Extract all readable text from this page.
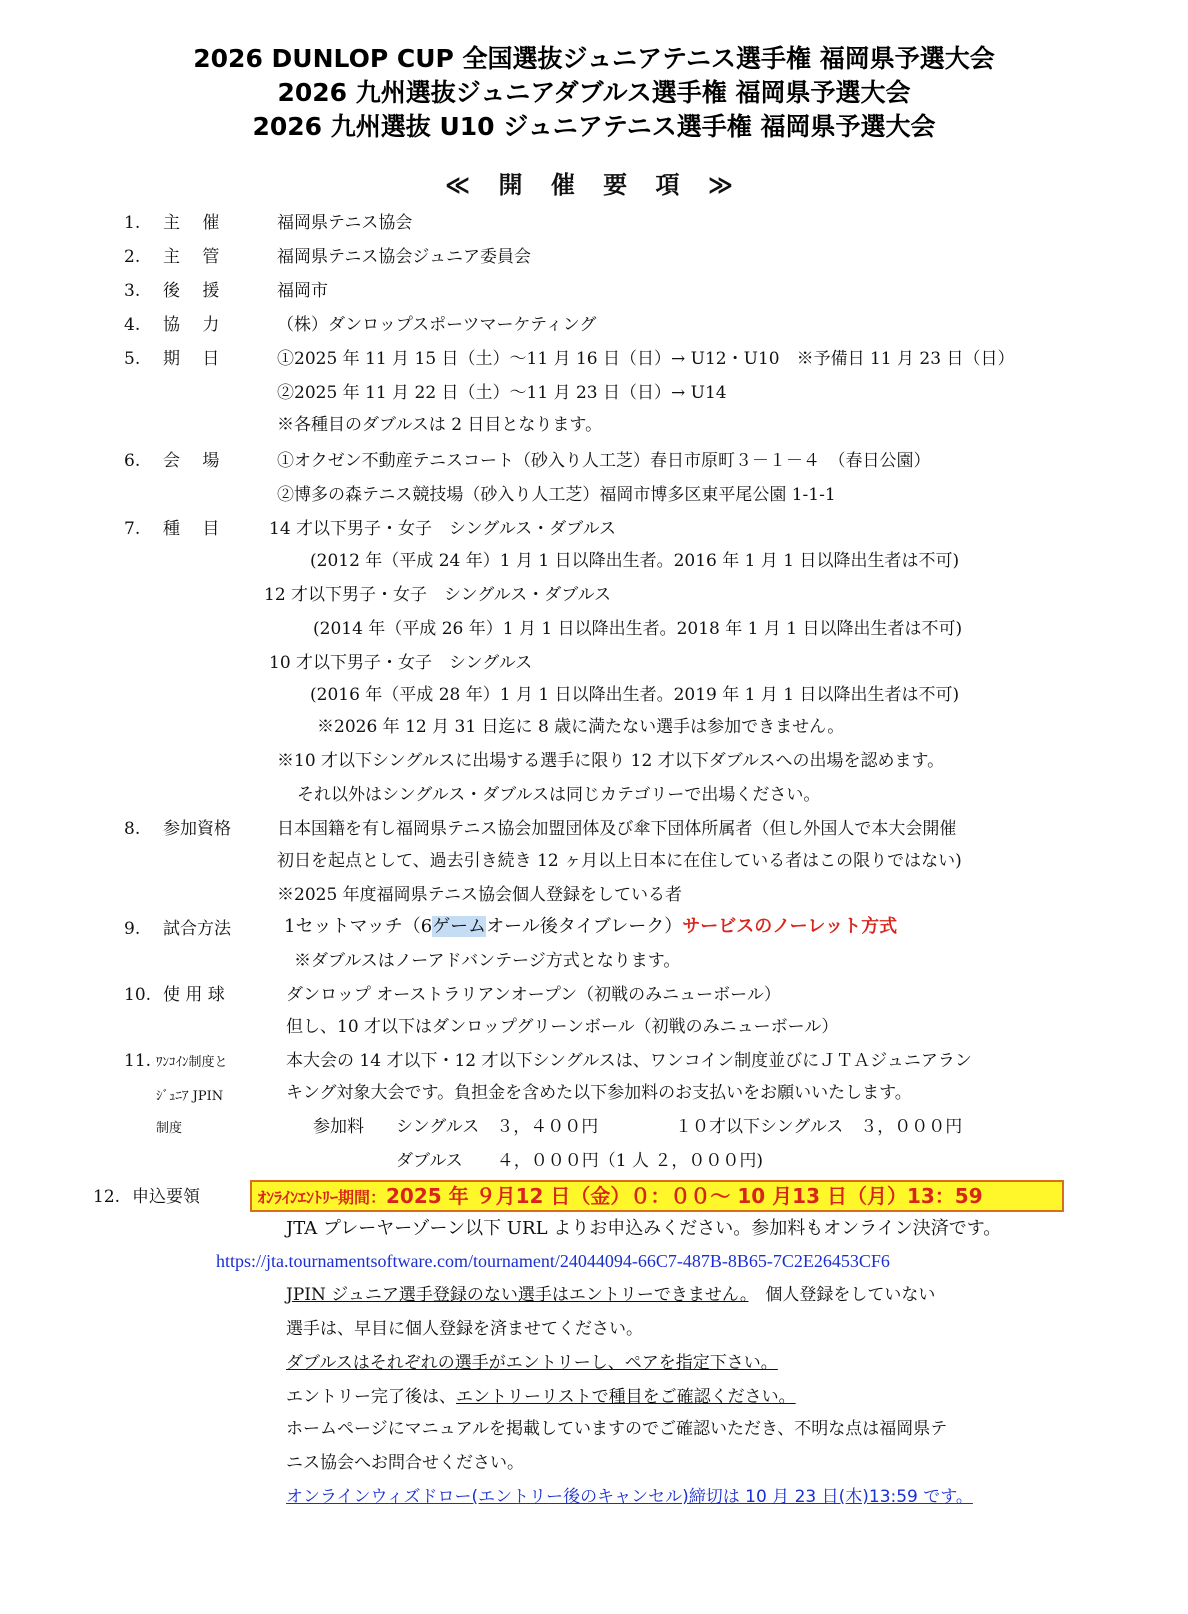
2026 DUNLOP CUP 全国選抜ジュニアテニス選手権 福岡県予選大会
2026 九州選抜ジュニアダブルス選手権 福岡県予選大会
2026 九州選抜 U10 ジュニアテニス選手権 福岡県予選大会
≪ 開 催 要 項 ≫
1. 主　 催	福岡県テニス協会
2. 主　 管	福岡県テニス協会ジュニア委員会
3. 後　 援	福岡市
4. 協　 力	（株）ダンロップスポーツマーケティング
5. 期　 日	①2025 年 11 月 15 日（土）～11 月 16 日（日）→ U12・U10　※予備日 11 月 23 日（日）
②2025 年 11 月 22 日（土）～11 月 23 日（日）→ U14
※各種目のダブルスは 2 日目となります。
6. 会　 場	①オクゼン不動産テニスコート（砂入り人工芝）春日市原町３－１－４　（春日公園）
②博多の森テニス競技場（砂入り人工芝）福岡市博多区東平尾公園 1-1-1
7. 種　 目	14 才以下男子・女子　シングルス・ダブルス
(2012 年（平成 24 年）1 月 1 日以降出生者。2016 年 1 月 1 日以降出生者は不可)
12 才以下男子・女子　シングルス・ダブルス
(2014 年（平成 26 年）1 月 1 日以降出生者。2018 年 1 月 1 日以降出生者は不可)
10 才以下男子・女子　シングルス
(2016 年（平成 28 年）1 月 1 日以降出生者。2019 年 1 月 1 日以降出生者は不可)
※2026 年 12 月 31 日迄に 8 歳に満たない選手は参加できません。
※10 才以下シングルスに出場する選手に限り 12 才以下ダブルスへの出場を認めます。
それ以外はシングルス・ダブルスは同じカテゴリーで出場ください。
8. 参加資格	日本国籍を有し福岡県テニス協会加盟団体及び傘下団体所属者（但し外国人で本大会開催
初日を起点として、過去引き続き 12 ヶ月以上日本に在住している者はこの限りではない)
※2025 年度福岡県テニス協会個人登録をしている者
9. 試合方法	1セットマッチ（6ゲームオール後タイブレーク）サービスのノーレット方式
※ダブルスはノーアドバンテージ方式となります。
10. 使 用 球	ダンロップ オーストラリアンオープン（初戦のみニューボール）
但し、10 才以下はダンロップグリーンボール（初戦のみニューボール）
11. ﾜﾝｺｲﾝ制度と
ｼﾞｭﾆｱ JPIN
制度
本大会の 14 才以下・12 才以下シングルスは、ワンコイン制度並びにＪＴＡジュニアラン
キング対象大会です。負担金を含めた以下参加料のお支払いをお願いいたします。
参加料 シングルス　３，４００円	１０才以下シングルス　３，０００円
ダブルス　　４，０００円（1 人 ２，０００円)
12. 申込要領	ｵﾝﾗｲﾝｴﾝﾄﾘｰ期間：2025 年 ９月12 日（金）０：００～ 10 月13 日（月）13：59
JTA プレーヤーゾーン以下 URL よりお申込みください。参加料もオンライン決済です。
https://jta.tournamentsoftware.com/tournament/24044094-66C7-487B-8B65-7C2E26453CF6
JPIN ジュニア選手登録のない選手はエントリーできません。　個人登録をしていない
選手は、早目に個人登録を済ませてください。
ダブルスはそれぞれの選手がエントリーし、ペアを指定下さい。
エントリー完了後は、エントリーリストで種目をご確認ください。
ホームページにマニュアルを掲載していますのでご確認いただき、不明な点は福岡県テ
ニス協会へお問合せください。
オンラインウィズドロー(エントリー後のキャンセル)締切は 10 月 23 日(木)13:59 です。
